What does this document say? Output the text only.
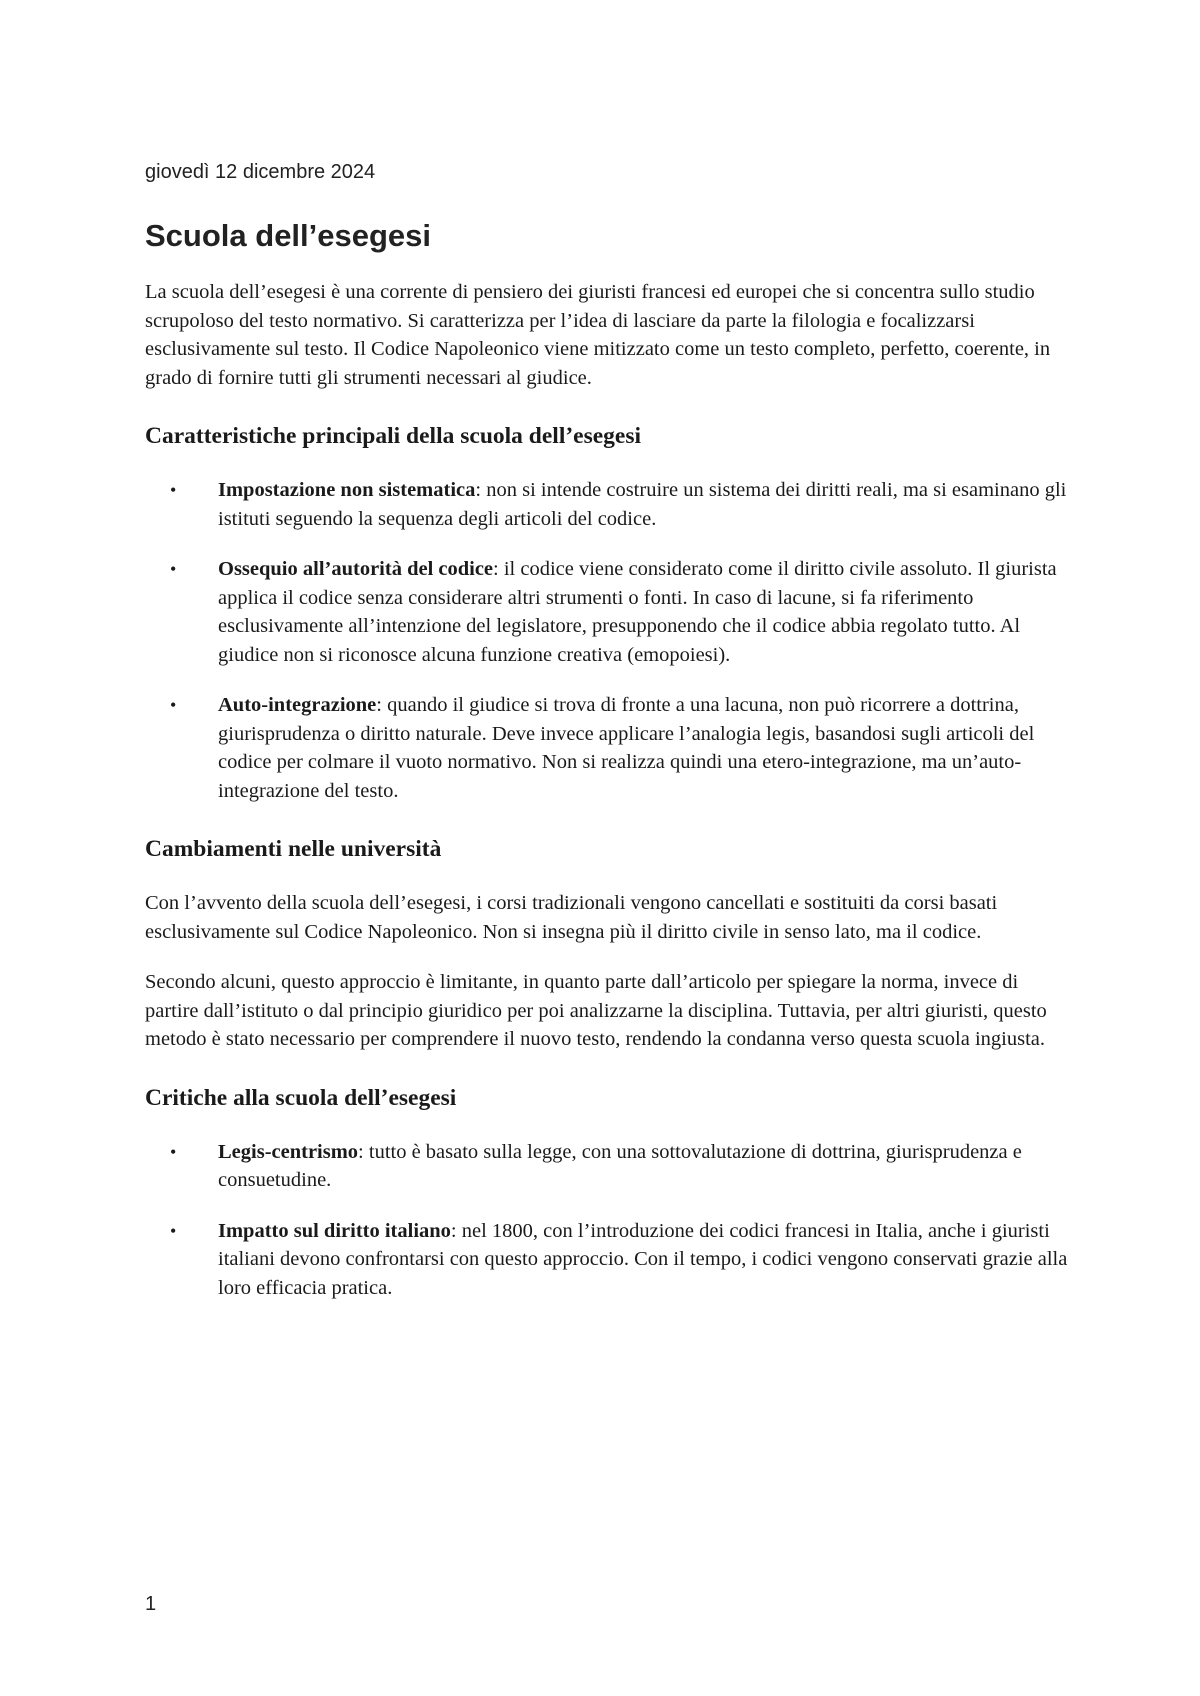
giovedì 12 dicembre 2024
Scuola dell’esegesi

La scuola dell’esegesi è una corrente di pensiero dei giuristi francesi ed europei che si concentra sullo studio scrupoloso del testo normativo. Si caratterizza per l’idea di lasciare da parte la filologia e focalizzarsi esclusivamente sul testo. Il Codice Napoleonico viene mitizzato come un testo completo, perfetto, coerente, in grado di fornire tutti gli strumenti necessari al giudice.

Caratteristiche principali della scuola dell’esegesi
• Impostazione non sistematica: non si intende costruire un sistema dei diritti reali, ma si esaminano gli istituti seguendo la sequenza degli articoli del codice.
• Ossequio all’autorità del codice: il codice viene considerato come il diritto civile assoluto. Il giurista applica il codice senza considerare altri strumenti o fonti. In caso di lacune, si fa riferimento esclusivamente all’intenzione del legislatore, presupponendo che il codice abbia regolato tutto. Al giudice non si riconosce alcuna funzione creativa (emopoiesi).
• Auto-integrazione: quando il giudice si trova di fronte a una lacuna, non può ricorrere a dottrina, giurisprudenza o diritto naturale. Deve invece applicare l’analogia legis, basandosi sugli articoli del codice per colmare il vuoto normativo. Non si realizza quindi una etero-integrazione, ma un’auto-integrazione del testo.
Cambiamenti nelle università

Con l’avvento della scuola dell’esegesi, i corsi tradizionali vengono cancellati e sostituiti da corsi basati esclusivamente sul Codice Napoleonico. Non si insegna più il diritto civile in senso lato, ma il codice.

Secondo alcuni, questo approccio è limitante, in quanto parte dall’articolo per spiegare la norma, invece di partire dall’istituto o dal principio giuridico per poi analizzarne la disciplina. Tuttavia, per altri giuristi, questo metodo è stato necessario per comprendere il nuovo testo, rendendo la condanna verso questa scuola ingiusta.

Critiche alla scuola dell’esegesi
• Legis-centrismo: tutto è basato sulla legge, con una sottovalutazione di dottrina, giurisprudenza e consuetudine.
• Impatto sul diritto italiano: nel 1800, con l’introduzione dei codici francesi in Italia, anche i giuristi italiani devono confrontarsi con questo approccio. Con il tempo, i codici vengono conservati grazie alla loro efficacia pratica.
1
